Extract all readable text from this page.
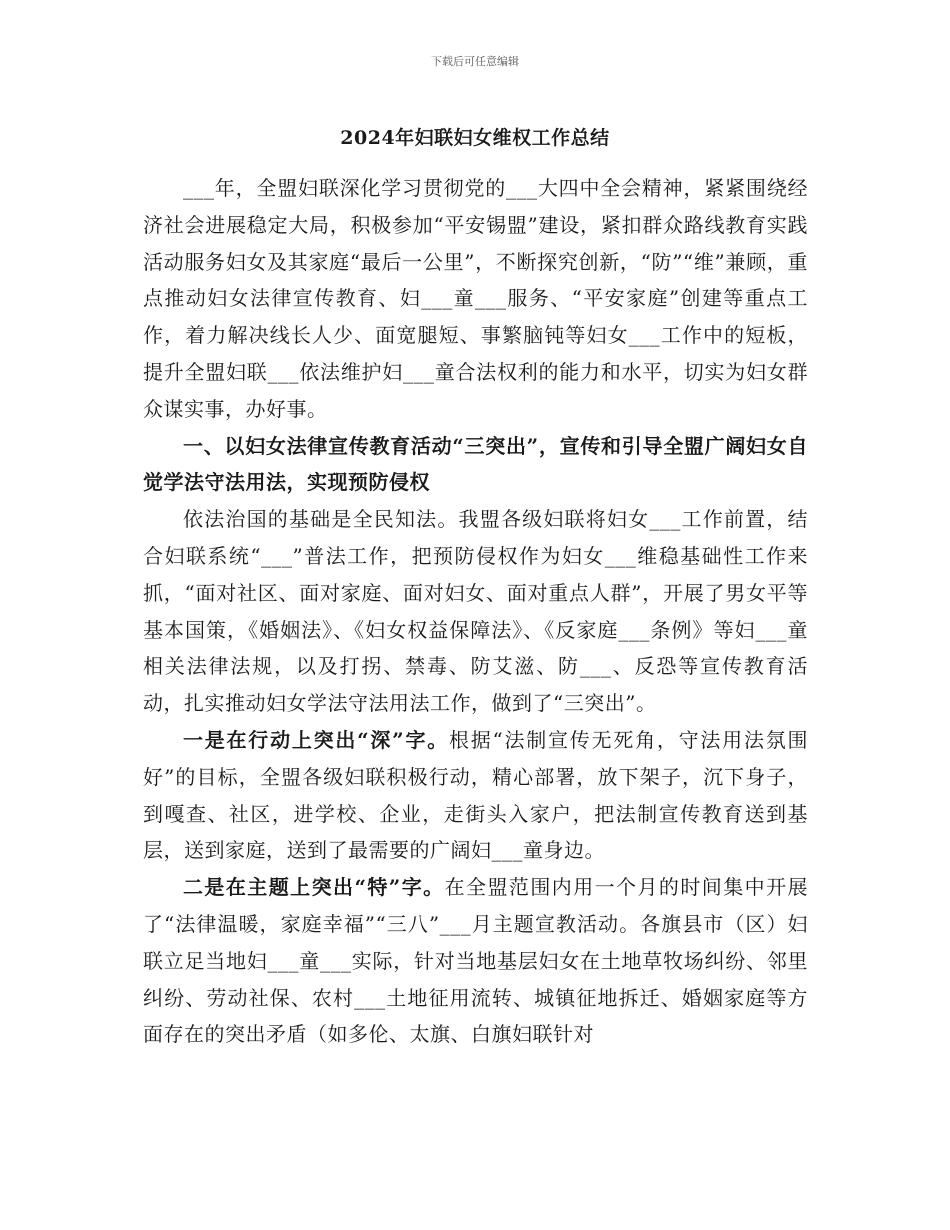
下载后可任意编辑
2024年妇联妇女维权工作总结

___年，全盟妇联深化学习贯彻党的___大四中全会精神，紧紧围绕经济社会进展稳定大局，积极参加“平安锡盟”建设，紧扣群众路线教育实践活动服务妇女及其家庭“最后一公里”，不断探究创新，“防”“维”兼顾，重点推动妇女法律宣传教育、妇___童___服务、“平安家庭”创建等重点工作，着力解决线长人少、面宽腿短、事繁脑钝等妇女___工作中的短板，提升全盟妇联___依法维护妇___童合法权利的能力和水平，切实为妇女群众谋实事，办好事。

一、以妇女法律宣传教育活动“三突出”，宣传和引导全盟广阔妇女自觉学法守法用法，实现预防侵权

依法治国的基础是全民知法。我盟各级妇联将妇女___工作前置，结合妇联系统“___”普法工作，把预防侵权作为妇女___维稳基础性工作来抓，“面对社区、面对家庭、面对妇女、面对重点人群”，开展了男女平等基本国策，《婚姻法》、《妇女权益保障法》、《反家庭___条例》等妇___童相关法律法规，以及打拐、禁毒、防艾滋、防___、反恐等宣传教育活动，扎实推动妇女学法守法用法工作，做到了“三突出”。

一是在行动上突出“深”字。根据“法制宣传无死角，守法用法氛围好”的目标，全盟各级妇联积极行动，精心部署，放下架子，沉下身子，到嘎查、社区，进学校、企业，走街头入家户，把法制宣传教育送到基层，送到家庭，送到了最需要的广阔妇___童身边。

二是在主题上突出“特”字。在全盟范围内用一个月的时间集中开展了“法律温暖，家庭幸福”“三八”___月主题宣教活动。各旗县市（区）妇联立足当地妇___童___实际，针对当地基层妇女在土地草牧场纠纷、邻里纠纷、劳动社保、农村___土地征用流转、城镇征地拆迁、婚姻家庭等方面存在的突出矛盾（如多伦、太旗、白旗妇联针对
